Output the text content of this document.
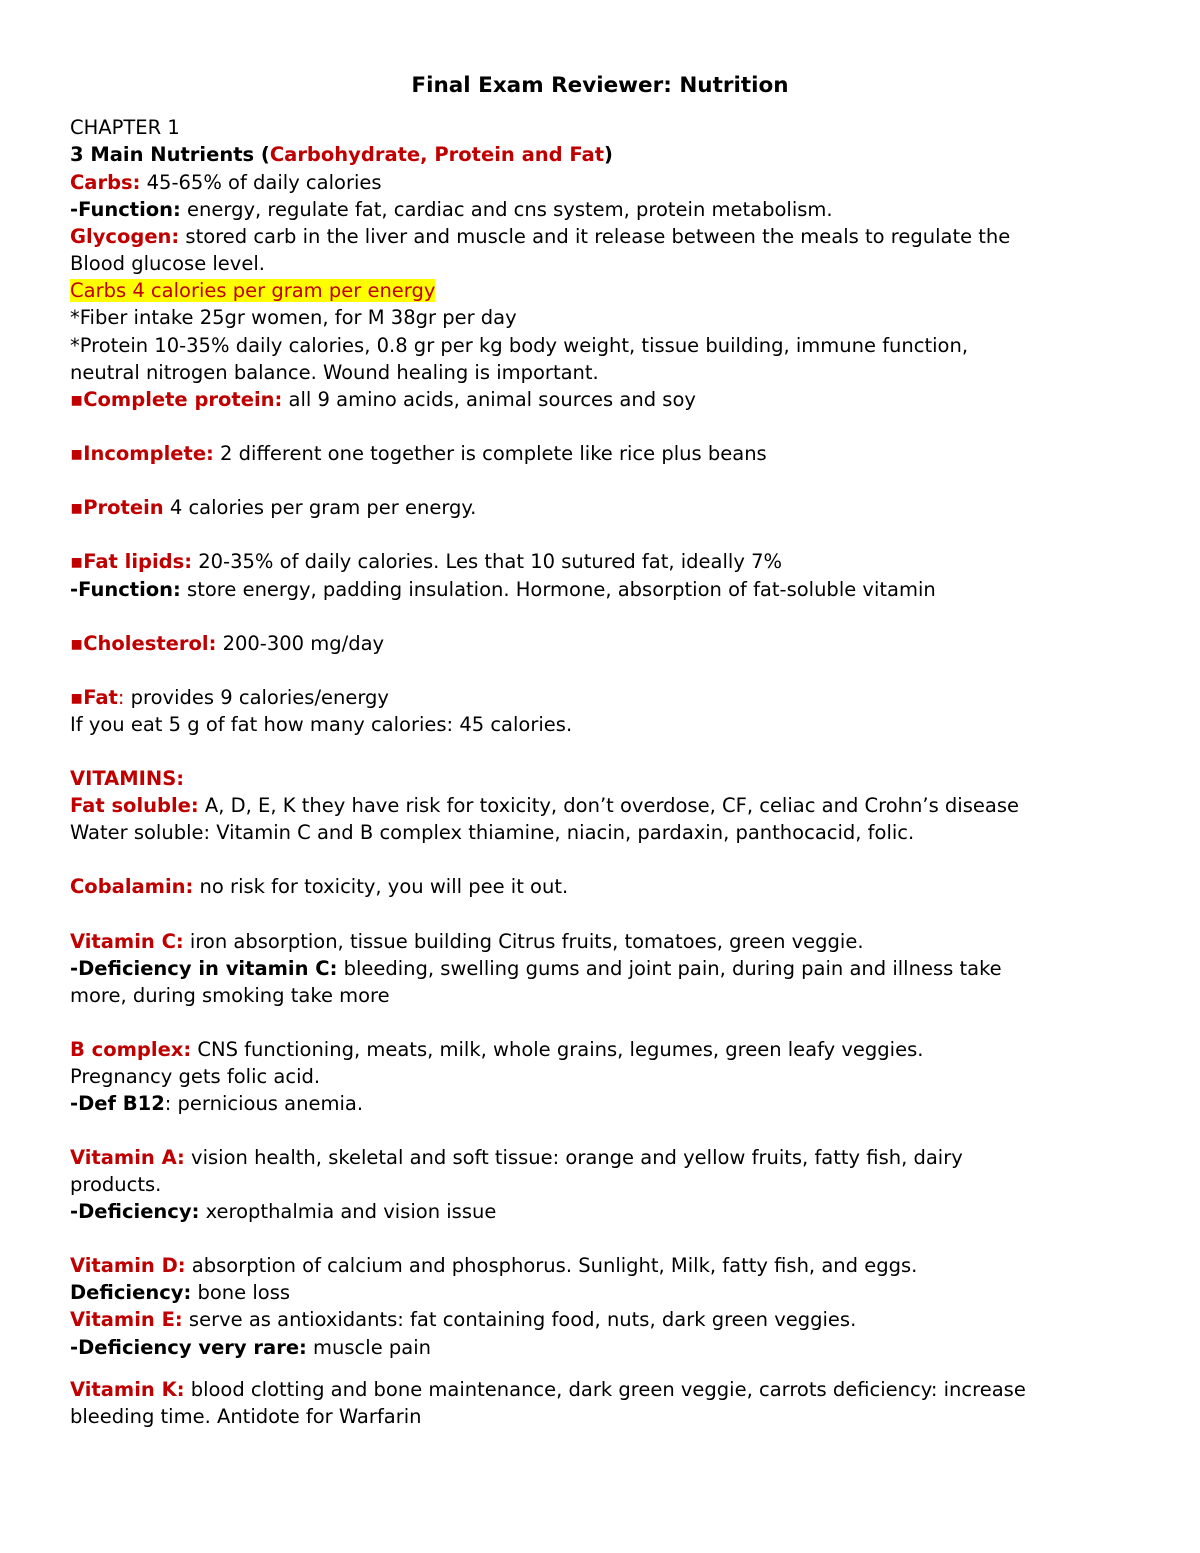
Final Exam Reviewer: Nutrition
CHAPTER 1
3 Main Nutrients (Carbohydrate, Protein and Fat)
Carbs: 45-65% of daily calories
-Function: energy, regulate fat, cardiac and cns system, protein metabolism.
Glycogen: stored carb in the liver and muscle and it release between the meals to regulate the
Blood glucose level.
Carbs 4 calories per gram per energy
*Fiber intake 25gr women, for M 38gr per day
*Protein 10-35% daily calories, 0.8 gr per kg body weight, tissue building, immune function,
neutral nitrogen balance. Wound healing is important.
▪Complete protein: all 9 amino acids, animal sources and soy
▪Incomplete: 2 different one together is complete like rice plus beans
▪Protein 4 calories per gram per energy.
▪Fat lipids: 20-35% of daily calories. Les that 10 sutured fat, ideally 7%
-Function: store energy, padding insulation. Hormone, absorption of fat-soluble vitamin
▪Cholesterol: 200-300 mg/day
▪Fat: provides 9 calories/energy
If you eat 5 g of fat how many calories: 45 calories.
VITAMINS:
Fat soluble: A, D, E, K they have risk for toxicity, don’t overdose, CF, celiac and Crohn’s disease
Water soluble: Vitamin C and B complex thiamine, niacin, pardaxin, panthocacid, folic.
Cobalamin: no risk for toxicity, you will pee it out.
Vitamin C: iron absorption, tissue building Citrus fruits, tomatoes, green veggie.
-Deficiency in vitamin C: bleeding, swelling gums and joint pain, during pain and illness take
more, during smoking take more
B complex: CNS functioning, meats, milk, whole grains, legumes, green leafy veggies.
Pregnancy gets folic acid.
-Def B12: pernicious anemia.
Vitamin A: vision health, skeletal and soft tissue: orange and yellow fruits, fatty fish, dairy
products.
-Deficiency: xeropthalmia and vision issue
Vitamin D: absorption of calcium and phosphorus. Sunlight, Milk, fatty fish, and eggs.
Deficiency: bone loss
Vitamin E: serve as antioxidants: fat containing food, nuts, dark green veggies.
-Deficiency very rare: muscle pain
Vitamin K: blood clotting and bone maintenance, dark green veggie, carrots deficiency: increase
bleeding time. Antidote for Warfarin
